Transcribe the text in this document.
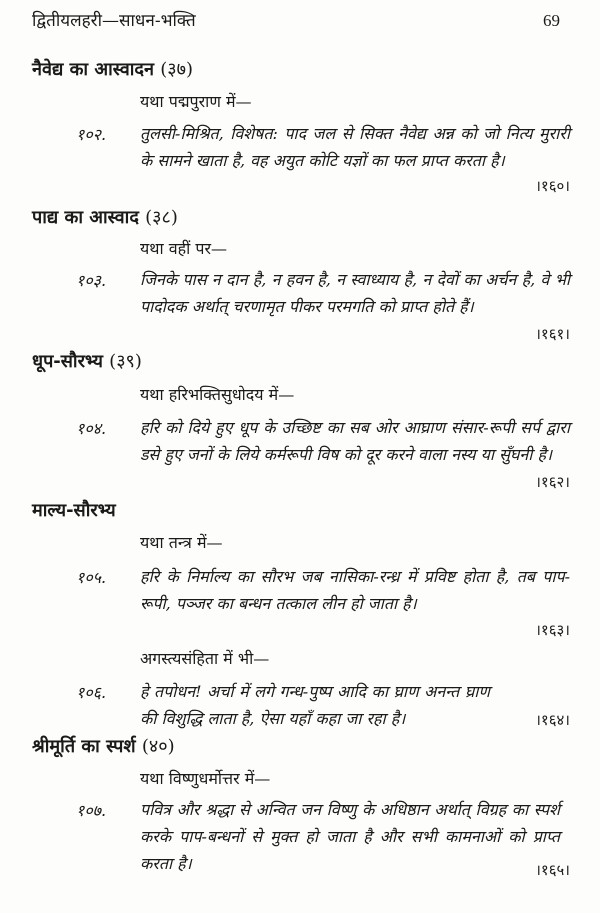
द्वितीयलहरी—साधन-भक्ति	69
नैवेद्य का आस्वादन (३७)
यथा पद्मपुराण में—
१०२. तुलसी-मिश्रित, विशेषत: पाद जल से सिक्त नैवेद्य अन्न को जो नित्य मुरारी के सामने खाता है, वह अयुत कोटि यज्ञों का फल प्राप्त करता है।
।१६०।
पाद्य का आस्वाद (३८)
यथा वहीं पर—
१०३. जिनके पास न दान है, न हवन है, न स्वाध्याय है, न देवों का अर्चन है, वे भी पादोदक अर्थात् चरणामृत पीकर परमगति को प्राप्त होते हैं।
।१६१।
धूप-सौरभ्य (३९)
यथा हरिभक्तिसुधोदय में—
१०४. हरि को दिये हुए धूप के उच्छिष्ट का सब ओर आघ्राण संसार-रूपी सर्प द्वारा डसे हुए जनों के लिये कर्मरूपी विष को दूर करने वाला नस्य या सुँघनी है।
।१६२।
माल्य-सौरभ्य
यथा तन्त्र में—
१०५. हरि के निर्माल्य का सौरभ जब नासिका-रन्ध्र में प्रविष्ट होता है, तब पाप-रूपी, पञ्जर का बन्धन तत्काल लीन हो जाता है।
।१६३।
अगस्त्यसंहिता में भी—
१०६. हे तपोधन! अर्चा में लगे गन्ध-पुष्प आदि का घ्राण अनन्त घ्राण की विशुद्धि लाता है, ऐसा यहाँ कहा जा रहा है।	।१६४।
श्रीमूर्ति का स्पर्श (४०)
यथा विष्णुधर्मोत्तर में—
१०७. पवित्र और श्रद्धा से अन्वित जन विष्णु के अधिष्ठान अर्थात् विग्रह का स्पर्श करके पाप-बन्धनों से मुक्त हो जाता है और सभी कामनाओं को प्राप्त करता है।	।१६५।
